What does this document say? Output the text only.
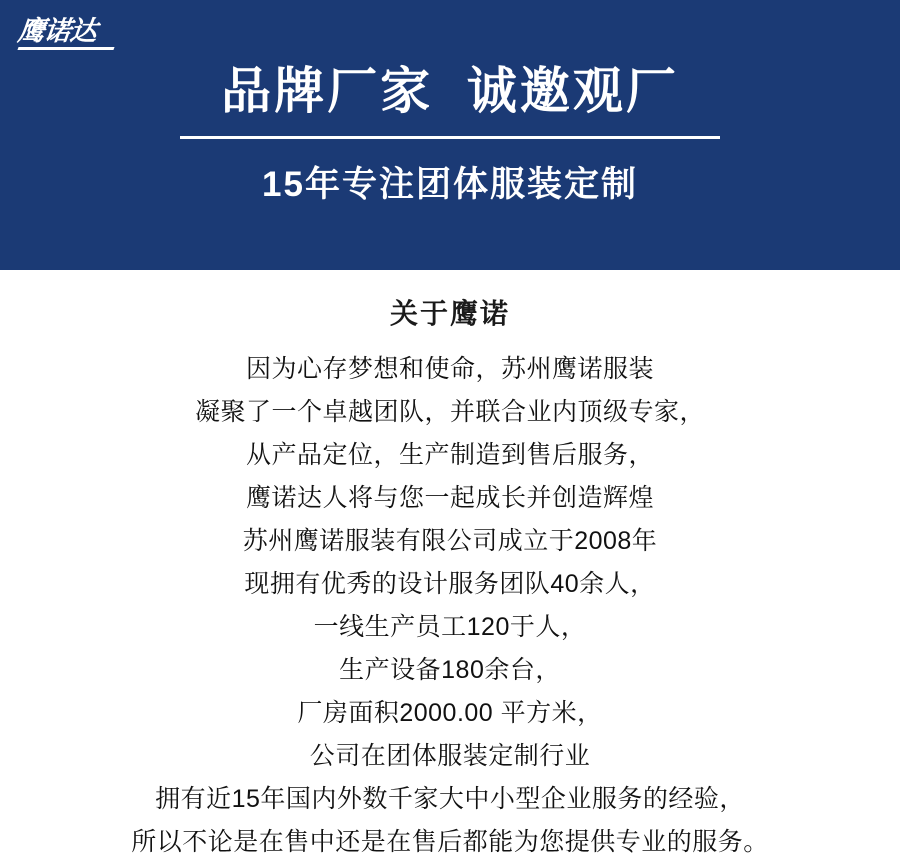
鹰诺达
品牌厂家  诚邀观厂
15年专注团体服装定制
关于鹰诺
因为心存梦想和使命，苏州鹰诺服装
凝聚了一个卓越团队，并联合业内顶级专家，
从产品定位，生产制造到售后服务，
鹰诺达人将与您一起成长并创造辉煌
苏州鹰诺服装有限公司成立于2008年
现拥有优秀的设计服务团队40余人，
一线生产员工120于人，
生产设备180余台，
厂房面积2000.00 平方米，
公司在团体服装定制行业
拥有近15年国内外数千家大中小型企业服务的经验，
所以不论是在售中还是在售后都能为您提供专业的服务。
